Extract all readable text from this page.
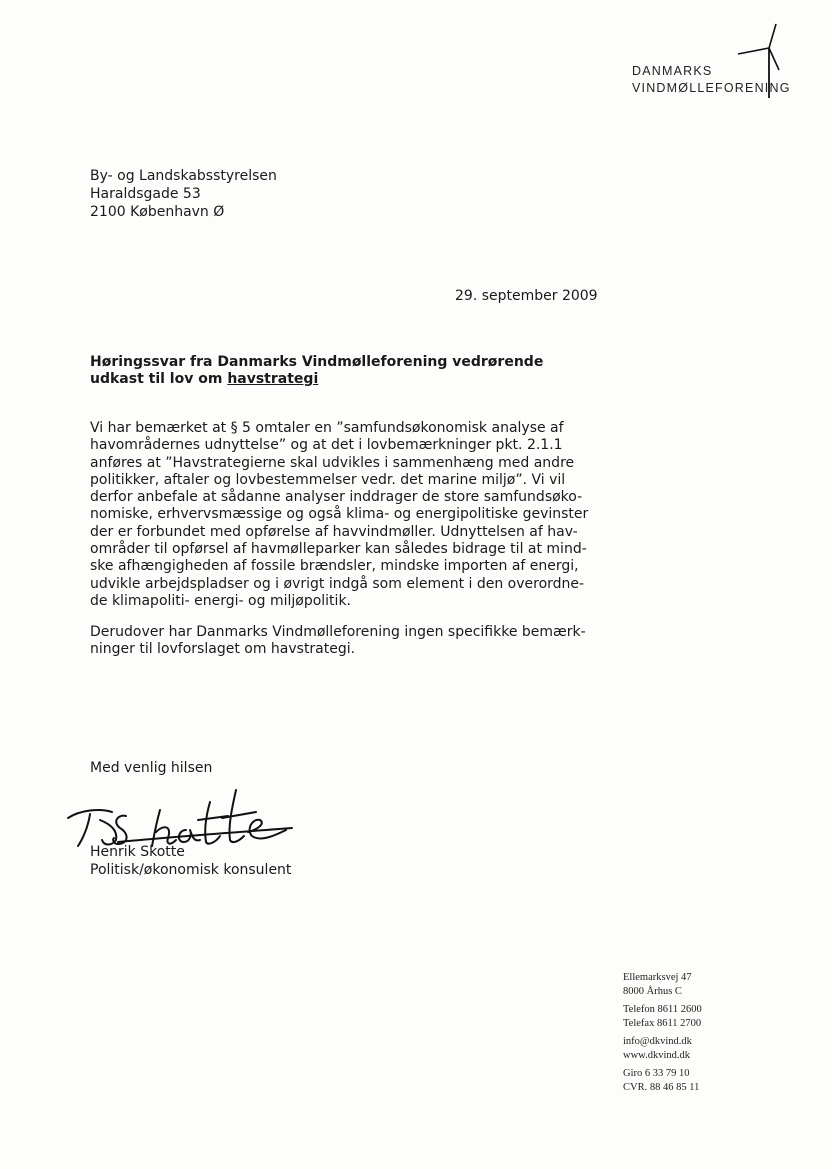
DANMARKS
VINDMØLLEFORENING
By- og Landskabsstyrelsen
Haraldsgade 53
2100 København Ø
29. september 2009
Høringssvar fra Danmarks Vindmølleforening vedrørende
udkast til lov om havstrategi
Vi har bemærket at § 5 omtaler en ”samfundsøkonomisk analyse af
havområdernes udnyttelse” og at det i lovbemærkninger pkt. 2.1.1
anføres at ”Havstrategierne skal udvikles i sammenhæng med andre
politikker, aftaler og lovbestemmelser vedr. det marine miljø”. Vi vil
derfor anbefale at sådanne analyser inddrager de store samfundsøko-
nomiske, erhvervsmæssige og også klima- og energipolitiske gevinster
der er forbundet med opførelse af havvindmøller. Udnyttelsen af hav-
områder til opførsel af havmølleparker kan således bidrage til at mind-
ske afhængigheden af fossile brændsler, mindske importen af energi,
udvikle arbejdspladser og i øvrigt indgå som element i den overordne-
de klimapoliti- energi- og miljøpolitik.
Derudover har Danmarks Vindmølleforening ingen specifikke bemærk-
ninger til lovforslaget om havstrategi.
Med venlig hilsen
Henrik Skotte
Politisk/økonomisk konsulent
Ellemarksvej 47
8000 Århus C
Telefon 8611 2600
Telefax 8611 2700
info@dkvind.dk
www.dkvind.dk
Giro 6 33 79 10
CVR. 88 46 85 11
